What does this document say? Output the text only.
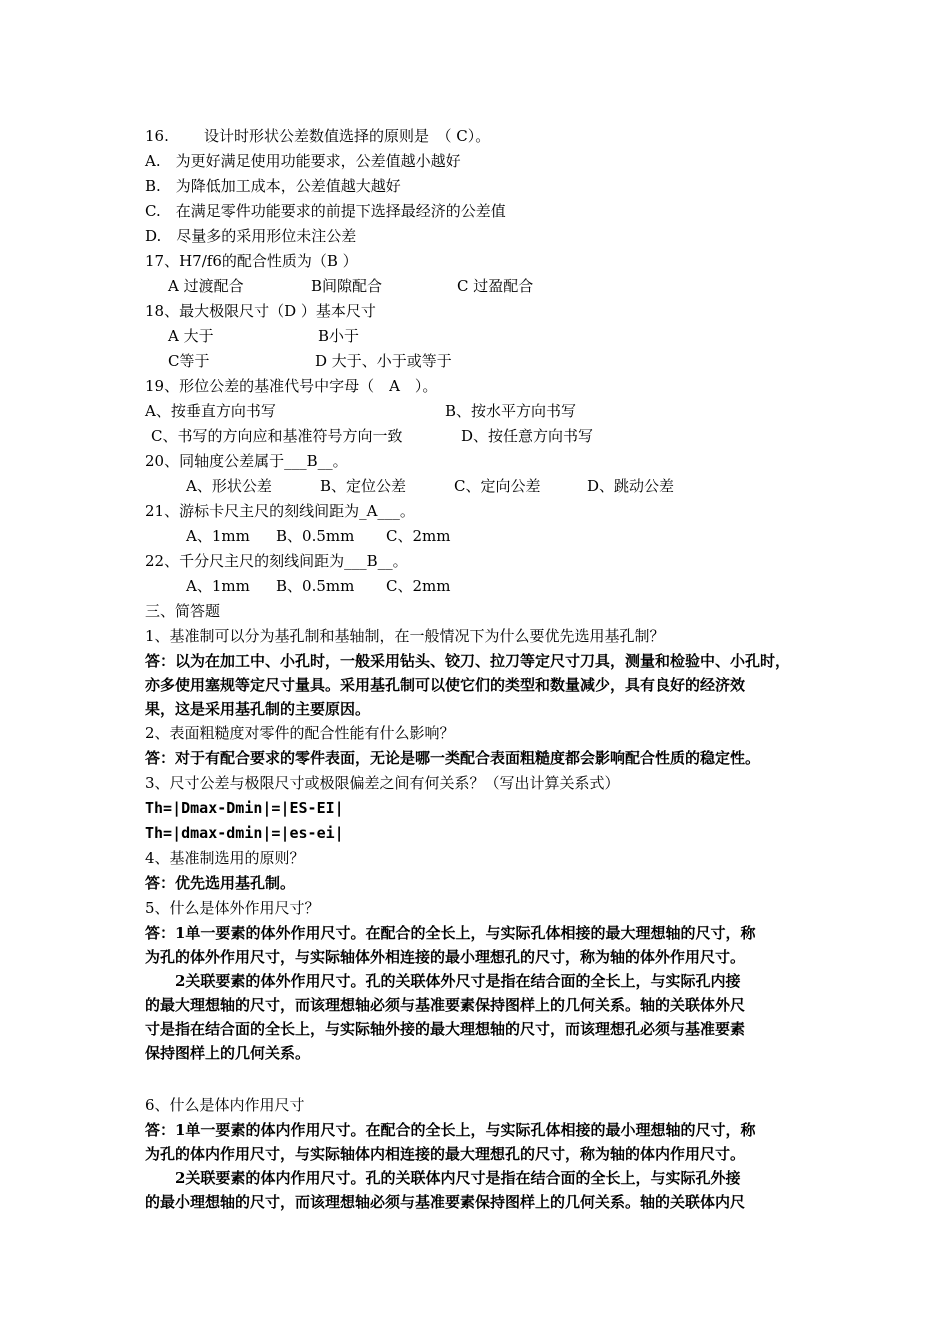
16. 设计时形状公差数值选择的原则是　（ C）。
A.　为更好满足使用功能要求，公差值越小越好
B.　为降低加工成本，公差值越大越好
C.　在满足零件功能要求的前提下选择最经济的公差值
D.　尽量多的采用形位未注公差
17、H7/f6的配合性质为（B ）
A 过渡配合	B间隙配合	C 过盈配合
18、最大极限尺寸（D ）基本尺寸
A 大于	B小于
C等于	D 大于、小于或等于
19、形位公差的基准代号中字母（　A　）。
A、按垂直方向书写	B、按水平方向书写
C、书写的方向应和基准符号方向一致	D、按任意方向书写
20、同轴度公差属于___B__。
A、形状公差	B、定位公差	C、定向公差	D、跳动公差
21、游标卡尺主尺的刻线间距为_A___。
A、1mm B、0.5mm C、2mm
22、千分尺主尺的刻线间距为___B__。
A、1mm B、0.5mm C、2mm
三、简答题
1、基准制可以分为基孔制和基轴制，在一般情况下为什么要优先选用基孔制？
答：以为在加工中、小孔时，一般采用钻头、铰刀、拉刀等定尺寸刀具，测量和检验中、小孔时，
亦多使用塞规等定尺寸量具。采用基孔制可以使它们的类型和数量减少，具有良好的经济效
果，这是采用基孔制的主要原因。
2、表面粗糙度对零件的配合性能有什么影响？
答：对于有配合要求的零件表面，无论是哪一类配合表面粗糙度都会影响配合性质的稳定性。
3、尺寸公差与极限尺寸或极限偏差之间有何关系？（写出计算关系式）
Th=|Dmax-Dmin|=|ES-EI|
Th=|dmax-dmin|=|es-ei|
4、基准制选用的原则？
答：优先选用基孔制。
5、什么是体外作用尺寸？
答：1单一要素的体外作用尺寸。在配合的全长上，与实际孔体相接的最大理想轴的尺寸，称
为孔的体外作用尺寸，与实际轴体外相连接的最小理想孔的尺寸，称为轴的体外作用尺寸。
2关联要素的体外作用尺寸。孔的关联体外尺寸是指在结合面的全长上，与实际孔内接
的最大理想轴的尺寸，而该理想轴必须与基准要素保持图样上的几何关系。轴的关联体外尺
寸是指在结合面的全长上，与实际轴外接的最大理想轴的尺寸，而该理想孔必须与基准要素
保持图样上的几何关系。
6、什么是体内作用尺寸
答：1单一要素的体内作用尺寸。在配合的全长上，与实际孔体相接的最小理想轴的尺寸，称
为孔的体内作用尺寸，与实际轴体内相连接的最大理想孔的尺寸，称为轴的体内作用尺寸。
2关联要素的体内作用尺寸。孔的关联体内尺寸是指在结合面的全长上，与实际孔外接
的最小理想轴的尺寸，而该理想轴必须与基准要素保持图样上的几何关系。轴的关联体内尺
